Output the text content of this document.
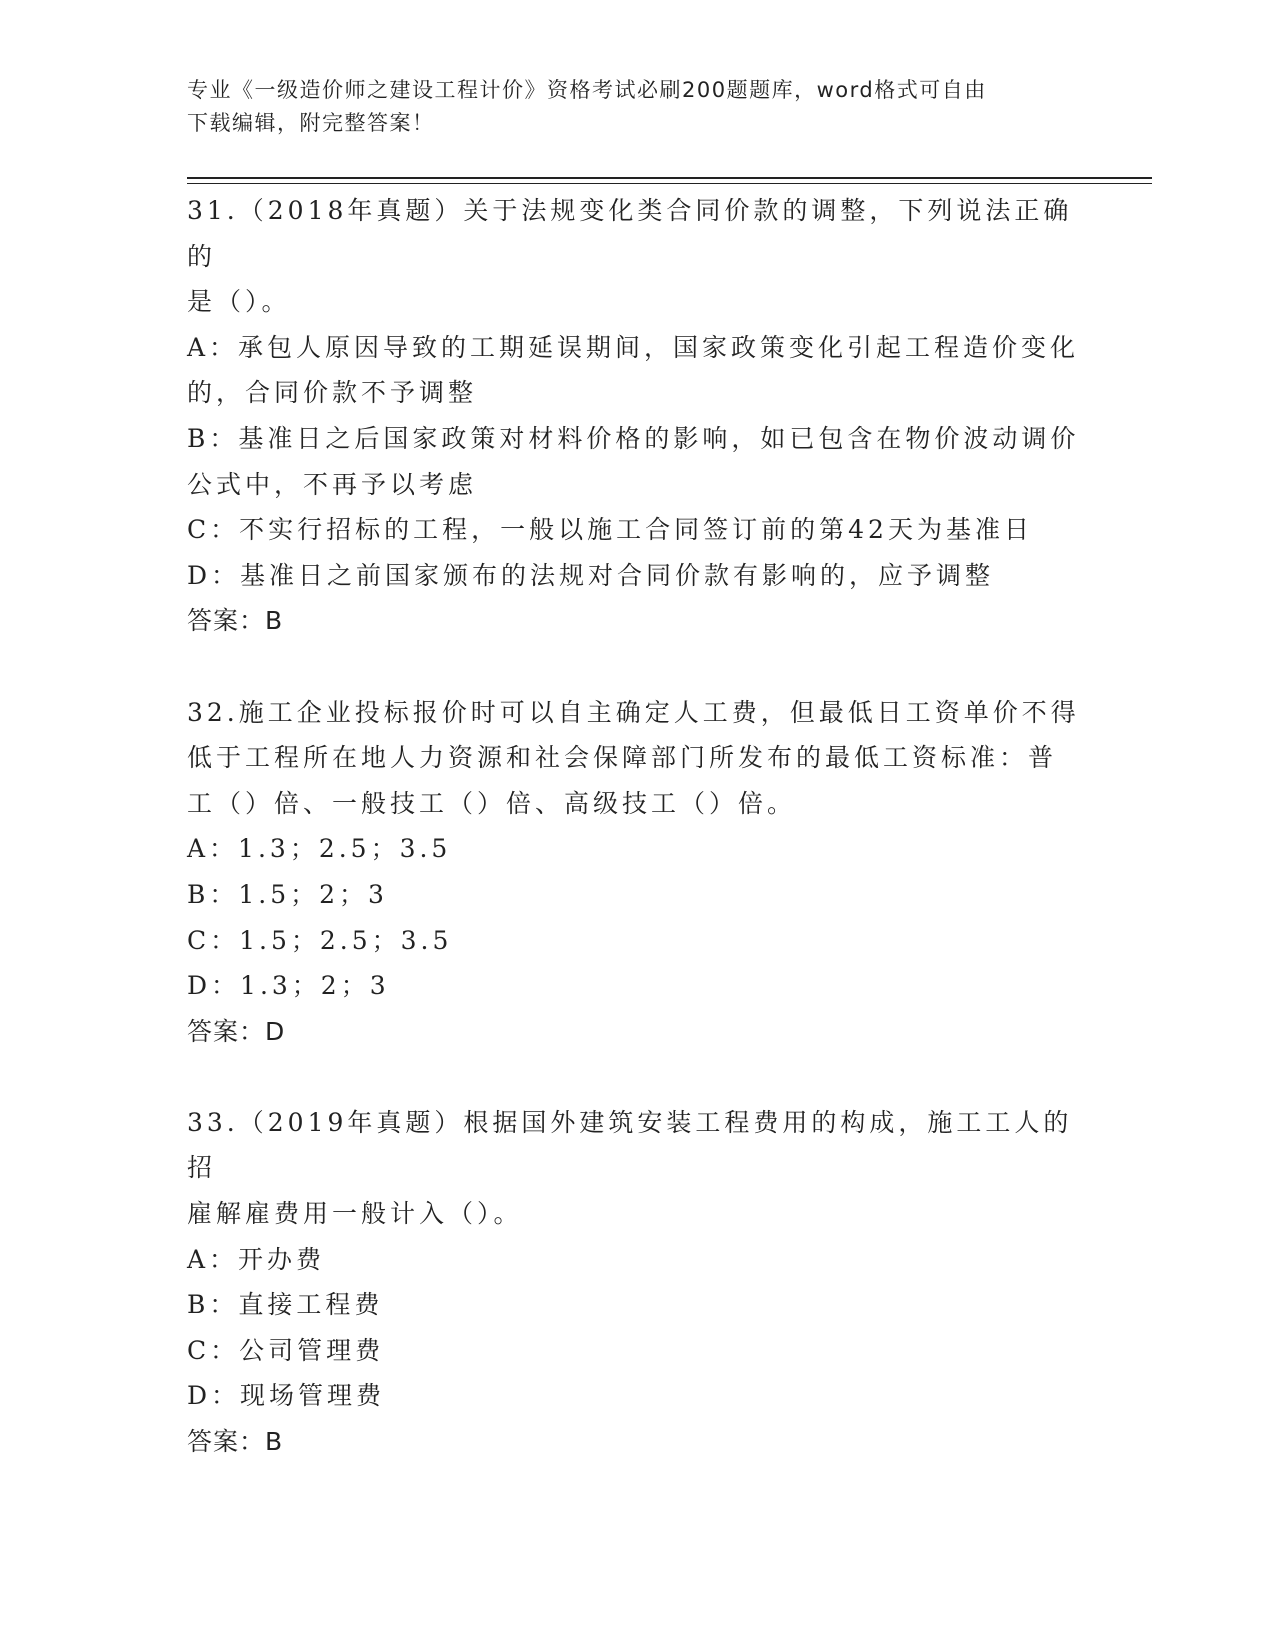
专业《一级造价师之建设工程计价》资格考试必刷200题题库，word格式可自由
下载编辑，附完整答案！
31.（2018年真题）关于法规变化类合同价款的调整，下列说法正确的
是（）。
A：承包人原因导致的工期延误期间，国家政策变化引起工程造价变化
的，合同价款不予调整
B：基准日之后国家政策对材料价格的影响，如已包含在物价波动调价
公式中，不再予以考虑
C：不实行招标的工程，一般以施工合同签订前的第42天为基准日
D：基准日之前国家颁布的法规对合同价款有影响的，应予调整
答案：B
32.施工企业投标报价时可以自主确定人工费，但最低日工资单价不得
低于工程所在地人力资源和社会保障部门所发布的最低工资标准：普
工（）倍、一般技工（）倍、高级技工（）倍。
A：1.3；2.5；3.5
B：1.5；2；3
C：1.5；2.5；3.5
D：1.3；2；3
答案：D
33.（2019年真题）根据国外建筑安装工程费用的构成，施工工人的招
雇解雇费用一般计入（）。
A：开办费
B：直接工程费
C：公司管理费
D：现场管理费
答案：B
